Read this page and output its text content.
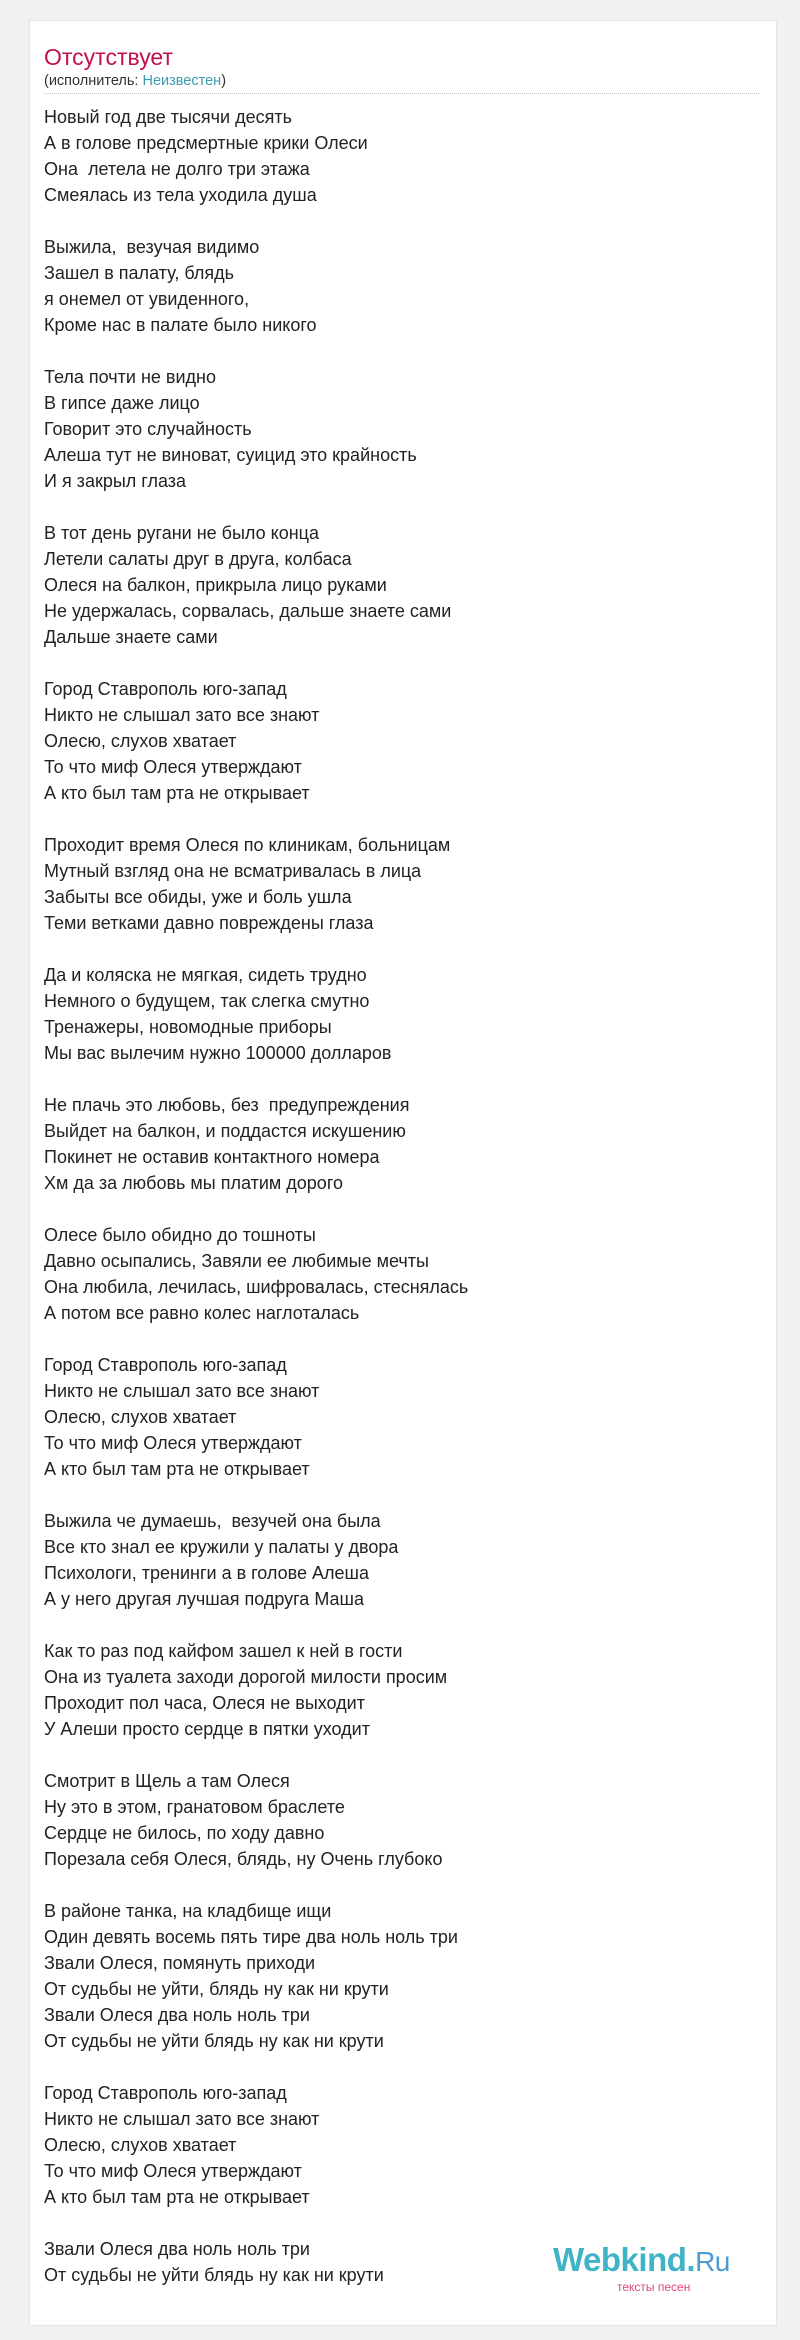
Отсутствует

(исполнитель: Неизвестен)

Новый год две тысячи десять

А в голове предсмертные крики Олеси

Она  летела не долго три этажа

Смеялась из тела уходила душа

Выжила,  везучая видимо

Зашел в палату, блядь

я онемел от увиденного,

Кроме нас в палате было никого

Тела почти не видно

В гипсе даже лицо

Говорит это случайность

Алеша тут не виноват, суицид это крайность

И я закрыл глаза

В тот день ругани не было конца

Летели салаты друг в друга, колбаса

Олеся на балкон, прикрыла лицо руками

Не удержалась, сорвалась, дальше знаете сами

Дальше знаете сами

Город Ставрополь юго-запад

Никто не слышал зато все знают

Олесю, слухов хватает

То что миф Олеся утверждают

А кто был там рта не открывает

Проходит время Олеся по клиникам, больницам

Мутный взгляд она не всматривалась в лица

Забыты все обиды, уже и боль ушла

Теми ветками давно повреждены глаза

Да и коляска не мягкая, сидеть трудно

Немного о будущем, так слегка смутно

Тренажеры, новомодные приборы

Мы вас вылечим нужно 100000 долларов

Не плачь это любовь, без  предупреждения

Выйдет на балкон, и поддастся искушению

Покинет не оставив контактного номера

Хм да за любовь мы платим дорого

Олесе было обидно до тошноты

Давно осыпались, Завяли ее любимые мечты

Она любила, лечилась, шифровалась, стеснялась

А потом все равно колес наглоталась

Город Ставрополь юго-запад

Никто не слышал зато все знают

Олесю, слухов хватает

То что миф Олеся утверждают

А кто был там рта не открывает

Выжила че думаешь,  везучей она была

Все кто знал ее кружили у палаты у двора

Психологи, тренинги а в голове Алеша

А у него другая лучшая подруга Маша

Как то раз под кайфом зашел к ней в гости

Она из туалета заходи дорогой милости просим

Проходит пол часа, Олеся не выходит

У Алеши просто сердце в пятки уходит

Смотрит в Щель а там Олеся

Ну это в этом, гранатовом браслете

Сердце не билось, по ходу давно

Порезала себя Олеся, блядь, ну Очень глубоко

В районе танка, на кладбище ищи

Один девять восемь пять тире два ноль ноль три

Звали Олеся, помянуть приходи

От судьбы не уйти, блядь ну как ни крути

Звали Олеся два ноль ноль три

От судьбы не уйти блядь ну как ни крути

Город Ставрополь юго-запад

Никто не слышал зато все знают

Олесю, слухов хватает

То что миф Олеся утверждают

А кто был там рта не открывает

Звали Олеся два ноль ноль три

От судьбы не уйти блядь ну как ни крути	Webkind.Ru
тексты песен
